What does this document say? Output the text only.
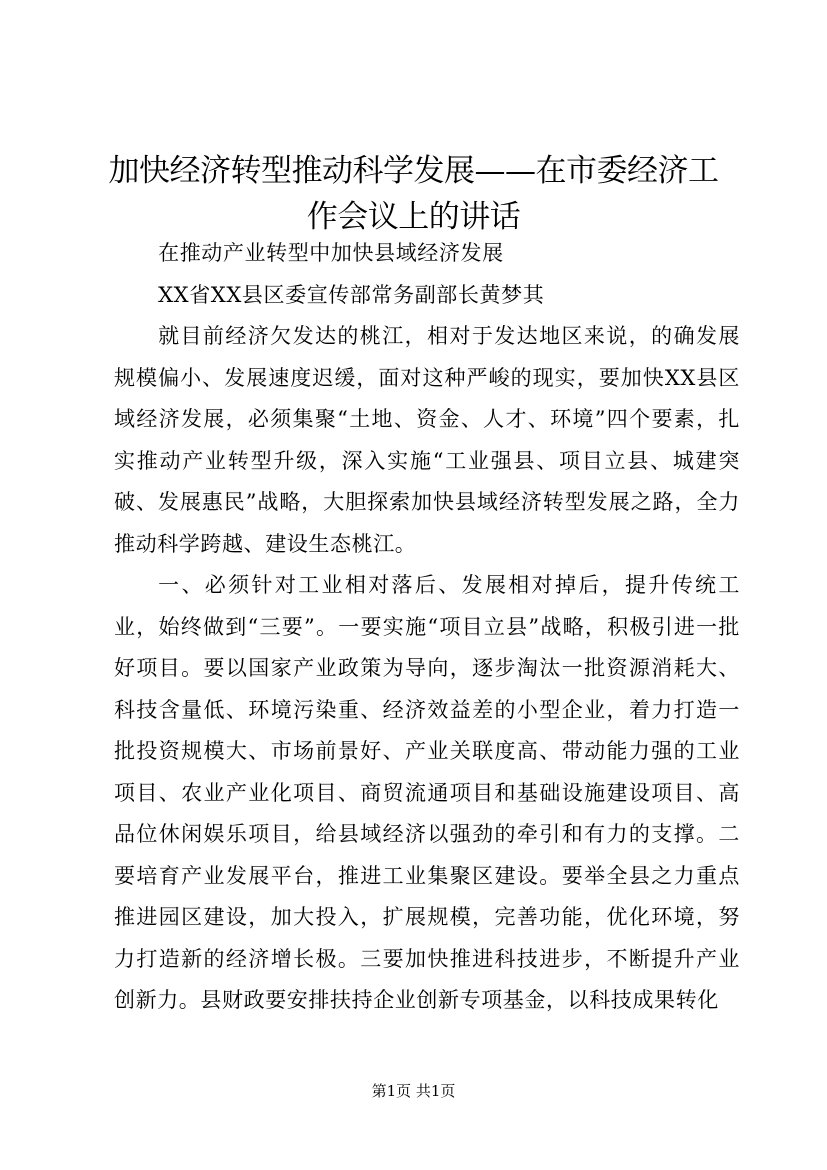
加快经济转型推动科学发展——在市委经济工作会议上的讲话

在推动产业转型中加快县域经济发展

XX省XX县区委宣传部常务副部长黄梦其

就目前经济欠发达的桃江，相对于发达地区来说，的确发展规模偏小、发展速度迟缓，面对这种严峻的现实，要加快XX县区域经济发展，必须集聚“土地、资金、人才、环境”四个要素，扎实推动产业转型升级，深入实施“工业强县、项目立县、城建突破、发展惠民”战略，大胆探索加快县域经济转型发展之路，全力推动科学跨越、建设生态桃江。

一、必须针对工业相对落后、发展相对掉后，提升传统工业，始终做到“三要”。一要实施“项目立县”战略，积极引进一批好项目。要以国家产业政策为导向，逐步淘汰一批资源消耗大、科技含量低、环境污染重、经济效益差的小型企业，着力打造一批投资规模大、市场前景好、产业关联度高、带动能力强的工业项目、农业产业化项目、商贸流通项目和基础设施建设项目、高品位休闲娱乐项目，给县域经济以强劲的牵引和有力的支撑。二要培育产业发展平台，推进工业集聚区建设。要举全县之力重点推进园区建设，加大投入，扩展规模，完善功能，优化环境，努力打造新的经济增长极。三要加快推进科技进步，不断提升产业创新力。县财政要安排扶持企业创新专项基金，以科技成果转化

第1页 共1页
